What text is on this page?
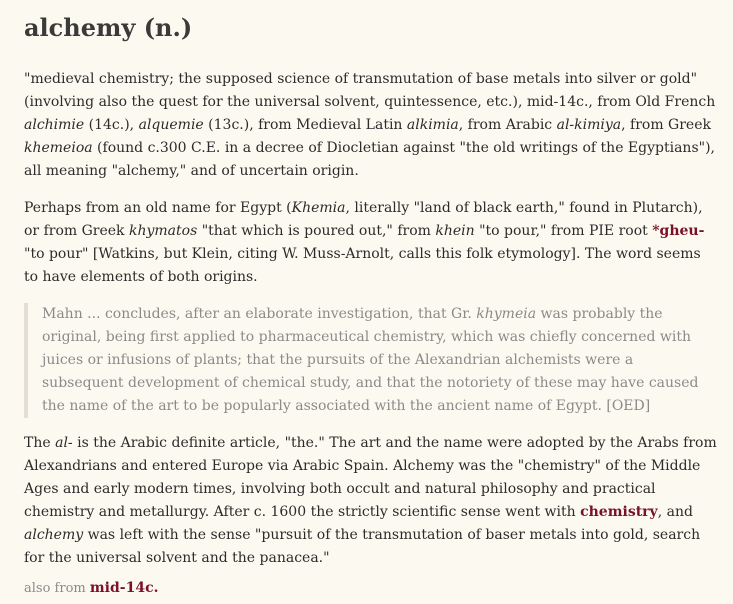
alchemy (n.)

"medieval chemistry; the supposed science of transmutation of base metals into silver or gold" (involving also the quest for the universal solvent, quintessence, etc.), mid-14c., from Old French alchimie (14c.), alquemie (13c.), from Medieval Latin alkimia, from Arabic al-kimiya, from Greek khemeioa (found c.300 C.E. in a decree of Diocletian against "the old writings of the Egyptians"), all meaning "alchemy," and of uncertain origin.

Perhaps from an old name for Egypt (Khemia, literally "land of black earth," found in Plutarch), or from Greek khymatos "that which is poured out," from khein "to pour," from PIE root *gheu- "to pour" [Watkins, but Klein, citing W. Muss-Arnolt, calls this folk etymology]. The word seems to have elements of both origins.

Mahn ... concludes, after an elaborate investigation, that Gr. khymeia was probably the original, being first applied to pharmaceutical chemistry, which was chiefly concerned with juices or infusions of plants; that the pursuits of the Alexandrian alchemists were a subsequent development of chemical study, and that the notoriety of these may have caused the name of the art to be popularly associated with the ancient name of Egypt. [OED]

The al- is the Arabic definite article, "the." The art and the name were adopted by the Arabs from Alexandrians and entered Europe via Arabic Spain. Alchemy was the "chemistry" of the Middle Ages and early modern times, involving both occult and natural philosophy and practical chemistry and metallurgy. After c. 1600 the strictly scientific sense went with chemistry, and alchemy was left with the sense "pursuit of the transmutation of baser metals into gold, search for the universal solvent and the panacea."

also from mid-14c.
